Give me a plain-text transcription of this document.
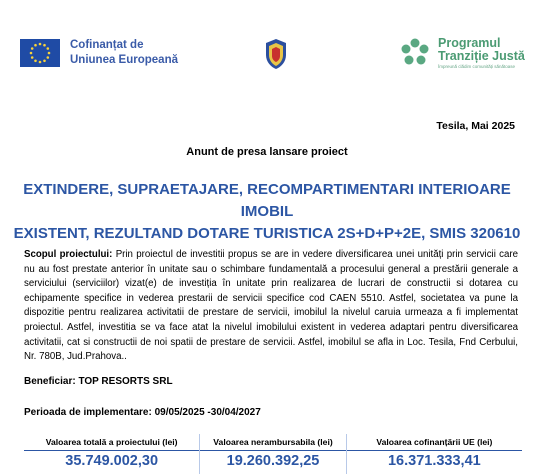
Cofinanțat de
Uniunea Europeană
Programul
Tranziție Justă
Împreună clădim comunități sănătoase
Tesila, Mai 2025
Anunt de presa lansare proiect
EXTINDERE, SUPRAETAJARE, RECOMPARTIMENTARI INTERIOARE IMOBIL
EXISTENT, REZULTAND DOTARE TURISTICA 2S+D+P+2E, SMIS 320610
Scopul proiectului: Prin proiectul de investitii propus se are in vedere diversificarea unei unități prin servicii care nu au fost prestate anterior în unitate sau o schimbare fundamentală a procesului general a prestării generale a serviciului (serviciilor) vizat(e) de investiția în unitate prin realizarea de lucrari de constructii si dotarea cu echipamente specifice in vederea prestarii de servicii specifice cod CAEN 5510. Astfel, societatea va pune la dispozitie pentru realizarea activitatii de prestare de servicii, imobilul la nivelul caruia urmeaza a fi implementat proiectul. Astfel, investitia se va face atat la nivelul imobilului existent in vederea adaptari pentru diversificarea activitatii, cat si constructii de noi spatii de prestare de servicii. Astfel, imobilul se afla in Loc. Tesila, Fnd Cerbului, Nr. 780B, Jud.Prahova..
Beneficiar: TOP RESORTS SRL
Perioada de implementare: 09/05/2025 -30/04/2027
Valoarea totală a proiectului (lei)
35.749.002,30
Valoarea nerambursabila (lei)
19.260.392,25
Valoarea cofinanțării UE (lei)
16.371.333,41
